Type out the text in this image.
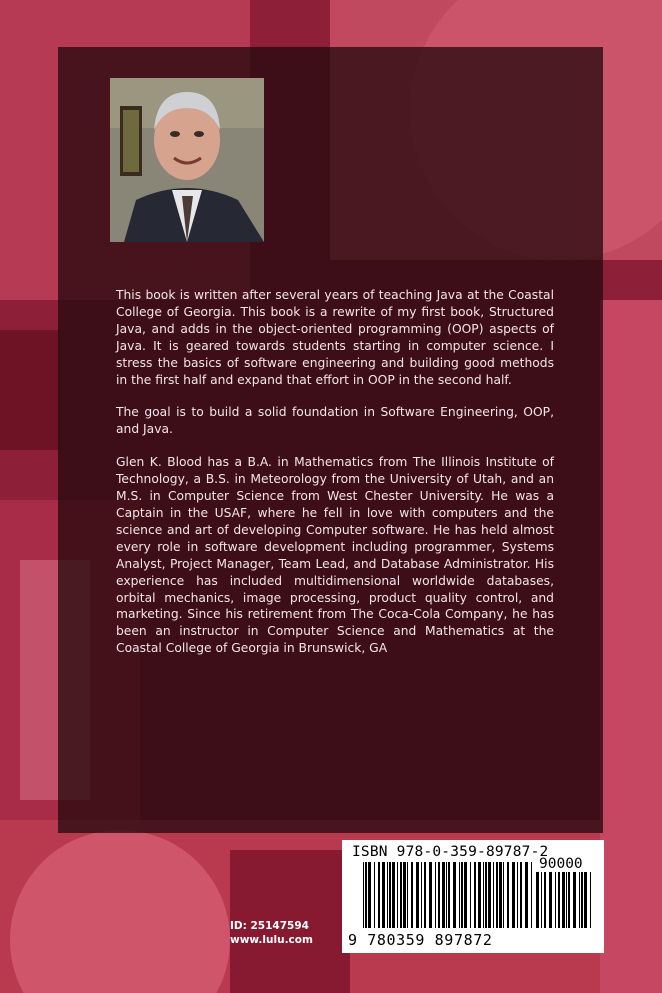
This book is written after several years of teaching Java at the Coastal College of Georgia. This book is a rewrite of my first book, Structured Java, and adds in the object-oriented programming (OOP) aspects of Java. It is geared towards students starting in computer science. I stress the basics of software engineering and building good methods in the first half and expand that effort in OOP in the second half.

The goal is to build a solid foundation in Software Engineering, OOP, and Java.

Glen K. Blood has a B.A. in Mathematics from The Illinois Institute of Technology, a B.S. in Meteorology from the University of Utah, and an M.S. in Computer Science from West Chester University. He was a Captain in the USAF, where he fell in love with computers and the science and art of developing Computer software. He has held almost every role in software development including programmer, Systems Analyst, Project Manager, Team Lead, and Database Administrator. His experience has included multidimensional worldwide databases, orbital mechanics, image processing, product quality control, and marketing. Since his retirement from The Coca-Cola Company, he has been an instructor in Computer Science and Mathematics at the Coastal College of Georgia in Brunswick, GA

ID: 25147594
www.lulu.com
ISBN 978-0-359-89787-2
90000
9 780359 897872
